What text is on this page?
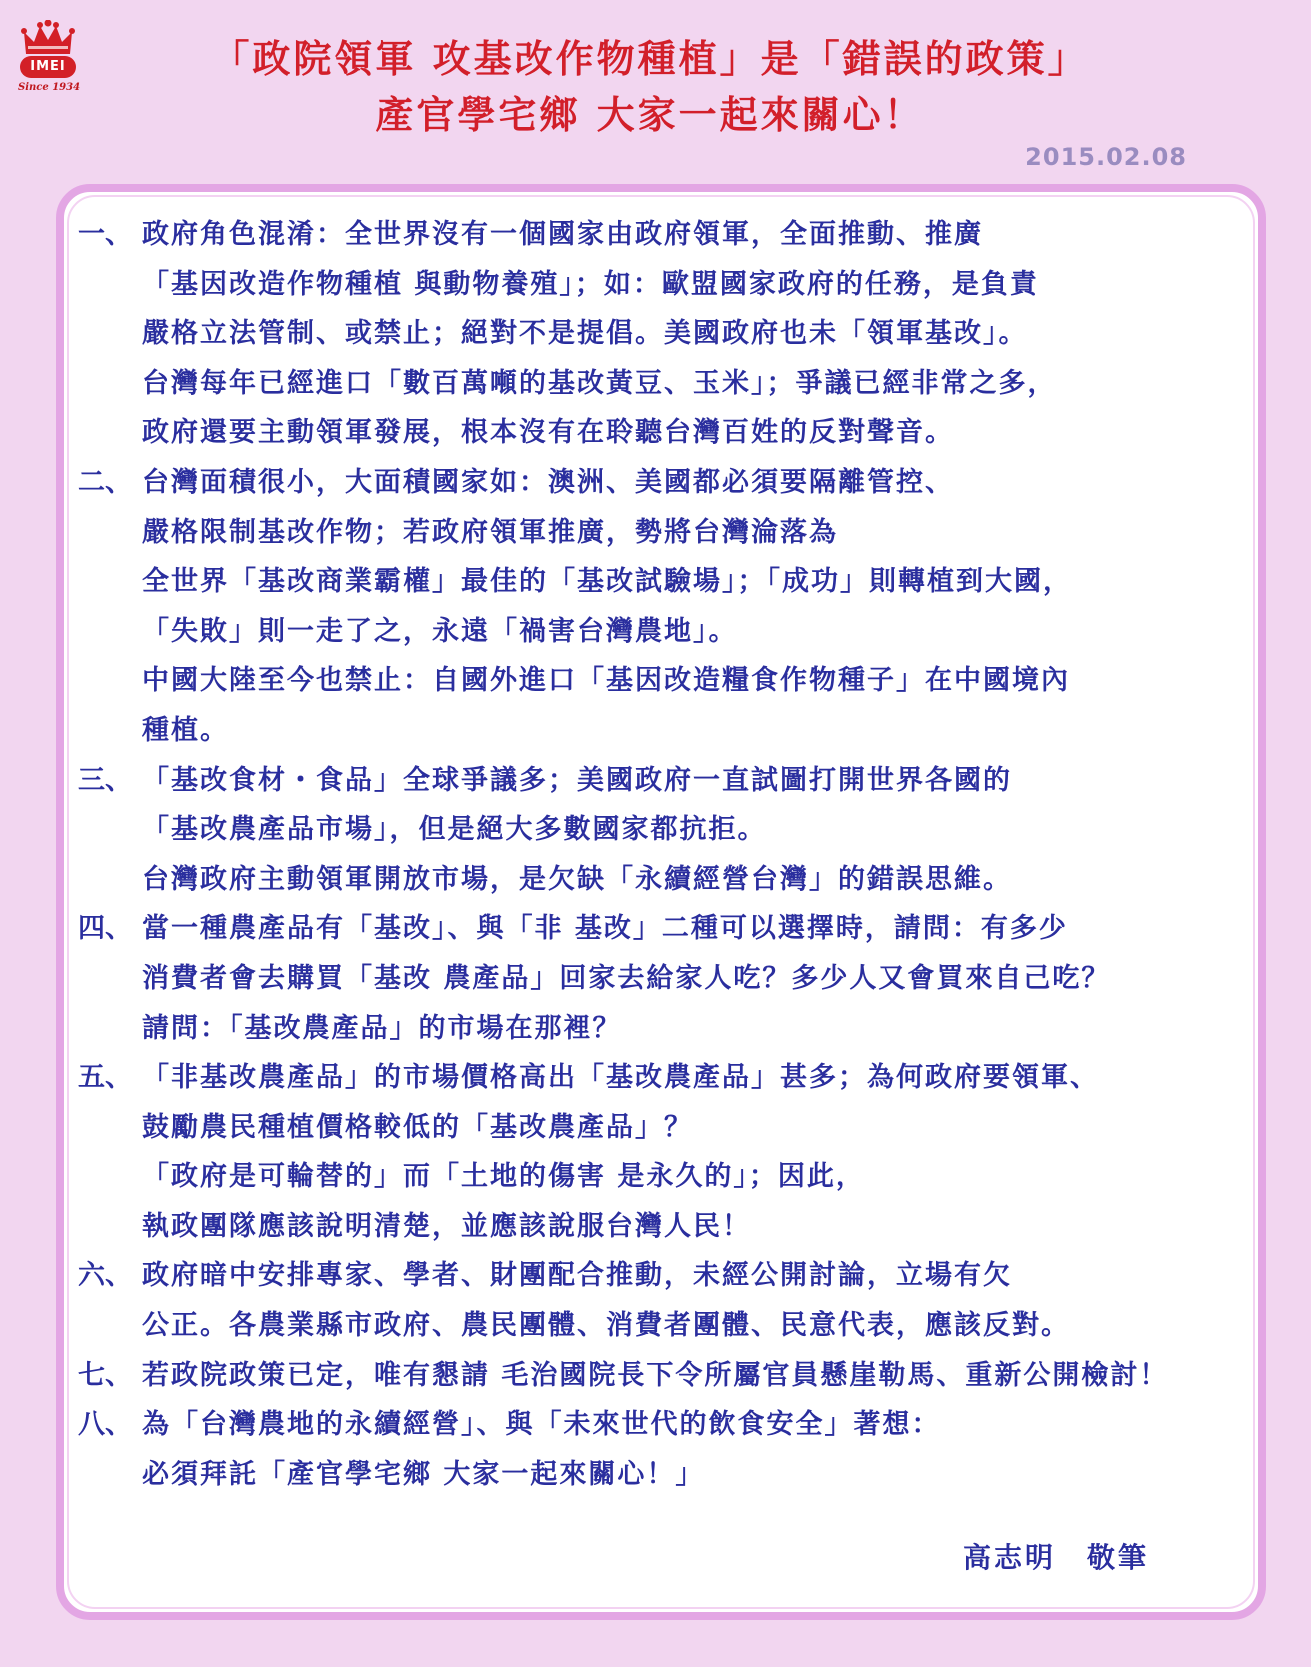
IMEI
Since 1934
「政院領軍 攻基改作物種植」是「錯誤的政策」
產官學宅鄉 大家一起來關心！
2015.02.08
一、 政府角色混淆：全世界沒有一個國家由政府領軍，全面推動、推廣
「基因改造作物種植 與動物養殖」；如：歐盟國家政府的任務，是負責
嚴格立法管制、或禁止；絕對不是提倡。美國政府也未「領軍基改」。
台灣每年已經進口「數百萬噸的基改黃豆、玉米」；爭議已經非常之多，
政府還要主動領軍發展，根本沒有在聆聽台灣百姓的反對聲音。
二、 台灣面積很小，大面積國家如：澳洲、美國都必須要隔離管控、
嚴格限制基改作物；若政府領軍推廣，勢將台灣淪落為
全世界「基改商業霸權」最佳的「基改試驗場」；「成功」則轉植到大國，
「失敗」則一走了之，永遠「禍害台灣農地」。
中國大陸至今也禁止：自國外進口「基因改造糧食作物種子」在中國境內
種植。
三、 「基改食材・食品」全球爭議多；美國政府一直試圖打開世界各國的
「基改農產品市場」，但是絕大多數國家都抗拒。
台灣政府主動領軍開放市場，是欠缺「永續經營台灣」的錯誤思維。
四、 當一種農產品有「基改」、與「非 基改」二種可以選擇時，請問：有多少
消費者會去購買「基改 農產品」回家去給家人吃？多少人又會買來自己吃？
請問：「基改農產品」的市場在那裡？
五、 「非基改農產品」的市場價格高出「基改農產品」甚多；為何政府要領軍、
鼓勵農民種植價格較低的「基改農產品」？
「政府是可輪替的」而「土地的傷害 是永久的」；因此，
執政團隊應該說明清楚，並應該說服台灣人民！
六、 政府暗中安排專家、學者、財團配合推動，未經公開討論，立場有欠
公正。各農業縣市政府、農民團體、消費者團體、民意代表，應該反對。
七、 若政院政策已定，唯有懇請 毛治國院長下令所屬官員懸崖勒馬、重新公開檢討！
八、 為「台灣農地的永續經營」、與「未來世代的飲食安全」著想：
必須拜託「產官學宅鄉 大家一起來關心！」
高志明　敬筆
